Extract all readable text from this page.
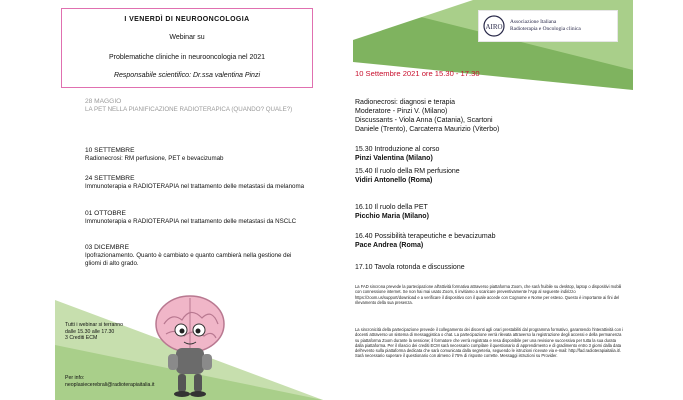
I VENERDÌ DI NEUROONCOLOGIA
Webinar su
Problematiche cliniche in neurooncologia nel 2021
Responsabile scientifico: Dr.ssa valentina Pinzi
28 MAGGIO
LA PET NELLA PIANIFICAZIONE RADIOTERAPICA (QUANDO? QUALE?)
10 SETTEMBRE
Radionecrosi: RM perfusione, PET e bevacizumab
24 SETTEMBRE
Immunoterapia e RADIOTERAPIA nel trattamento delle metastasi da melanoma
01 OTTOBRE
Immunoterapia e RADIOTERAPIA nel trattamento delle metastasi da NSCLC
03 DICEMBRE
Ipofrazionamento. Quanto è cambiato e quanto cambierà nella gestione dei gliomi di alto grado.
Tutti i webinar si terranno
dalle 15.30 alle 17.30
3 Crediti ECM
Per info:
neoplasiecerebrali@radioterapiaitalia.it
AIRO
Associazione Italiana
Radioterapia e Oncologia clinica
10 Settembre 2021 ore 15.30 - 17.30
Radionecrosi: diagnosi e terapia
Moderatore - Pinzi V. (Milano)
Discussants - Viola Anna (Catania), Scartoni
Daniele (Trento), Carcaterra Maurizio (Viterbo)
15.30 Introduzione al corso
Pinzi Valentina (Milano)
15.40 Il ruolo della RM perfusione
Vidiri Antonello (Roma)
16.10 Il ruolo della PET
Picchio Maria (Milano)
16.40 Possibilità terapeutiche e bevacizumab
Pace Andrea (Roma)
17.10 Tavola rotonda e discussione
La FAD sincrona prevede la partecipazione all'attività formativa attraverso piattaforma Zoom, che sarà fruibile su desktop, laptop o dispositivi mobili con connessione internet. Se non hai mai usato Zoom, ti invitiamo a scaricare preventivamente l'App al seguente indirizzo https://zoom.us/support/download e a verificare il dispositivo con il quale accede con Cognome e Nome per esteso. Questo è importante ai fini del rilevamento della sua presenza.
La sincronicità della partecipazione prevede il collegamento dei discenti agli orari prestabiliti dal programma formativo, garantendo l'interattività con i docenti attraverso un sistema di messaggistica o chat. La partecipazione verrà rilevata attraverso la registrazione degli accessi e della permanenza su piattaforma Zoom durante la sessione; il formatore che verrà registrata e resa disponibile per una revisione successiva per tutta la sua durata dalla piattaforma. Per il rilascio dei crediti ECM sarà necessario compilare il questionario di apprendimento e di gradimento entro 3 giorni dalla data dell'evento sulla piattaforma dedicata che sarà comunicata dalla segreteria, seguendo le istruzioni ricevute via e-mail: http://fad.radioterapiaitalia.it/. Sarà necessario superare il questionario con almeno il 75% di risposte corrette. Messaggi istruzioni su Provider.
